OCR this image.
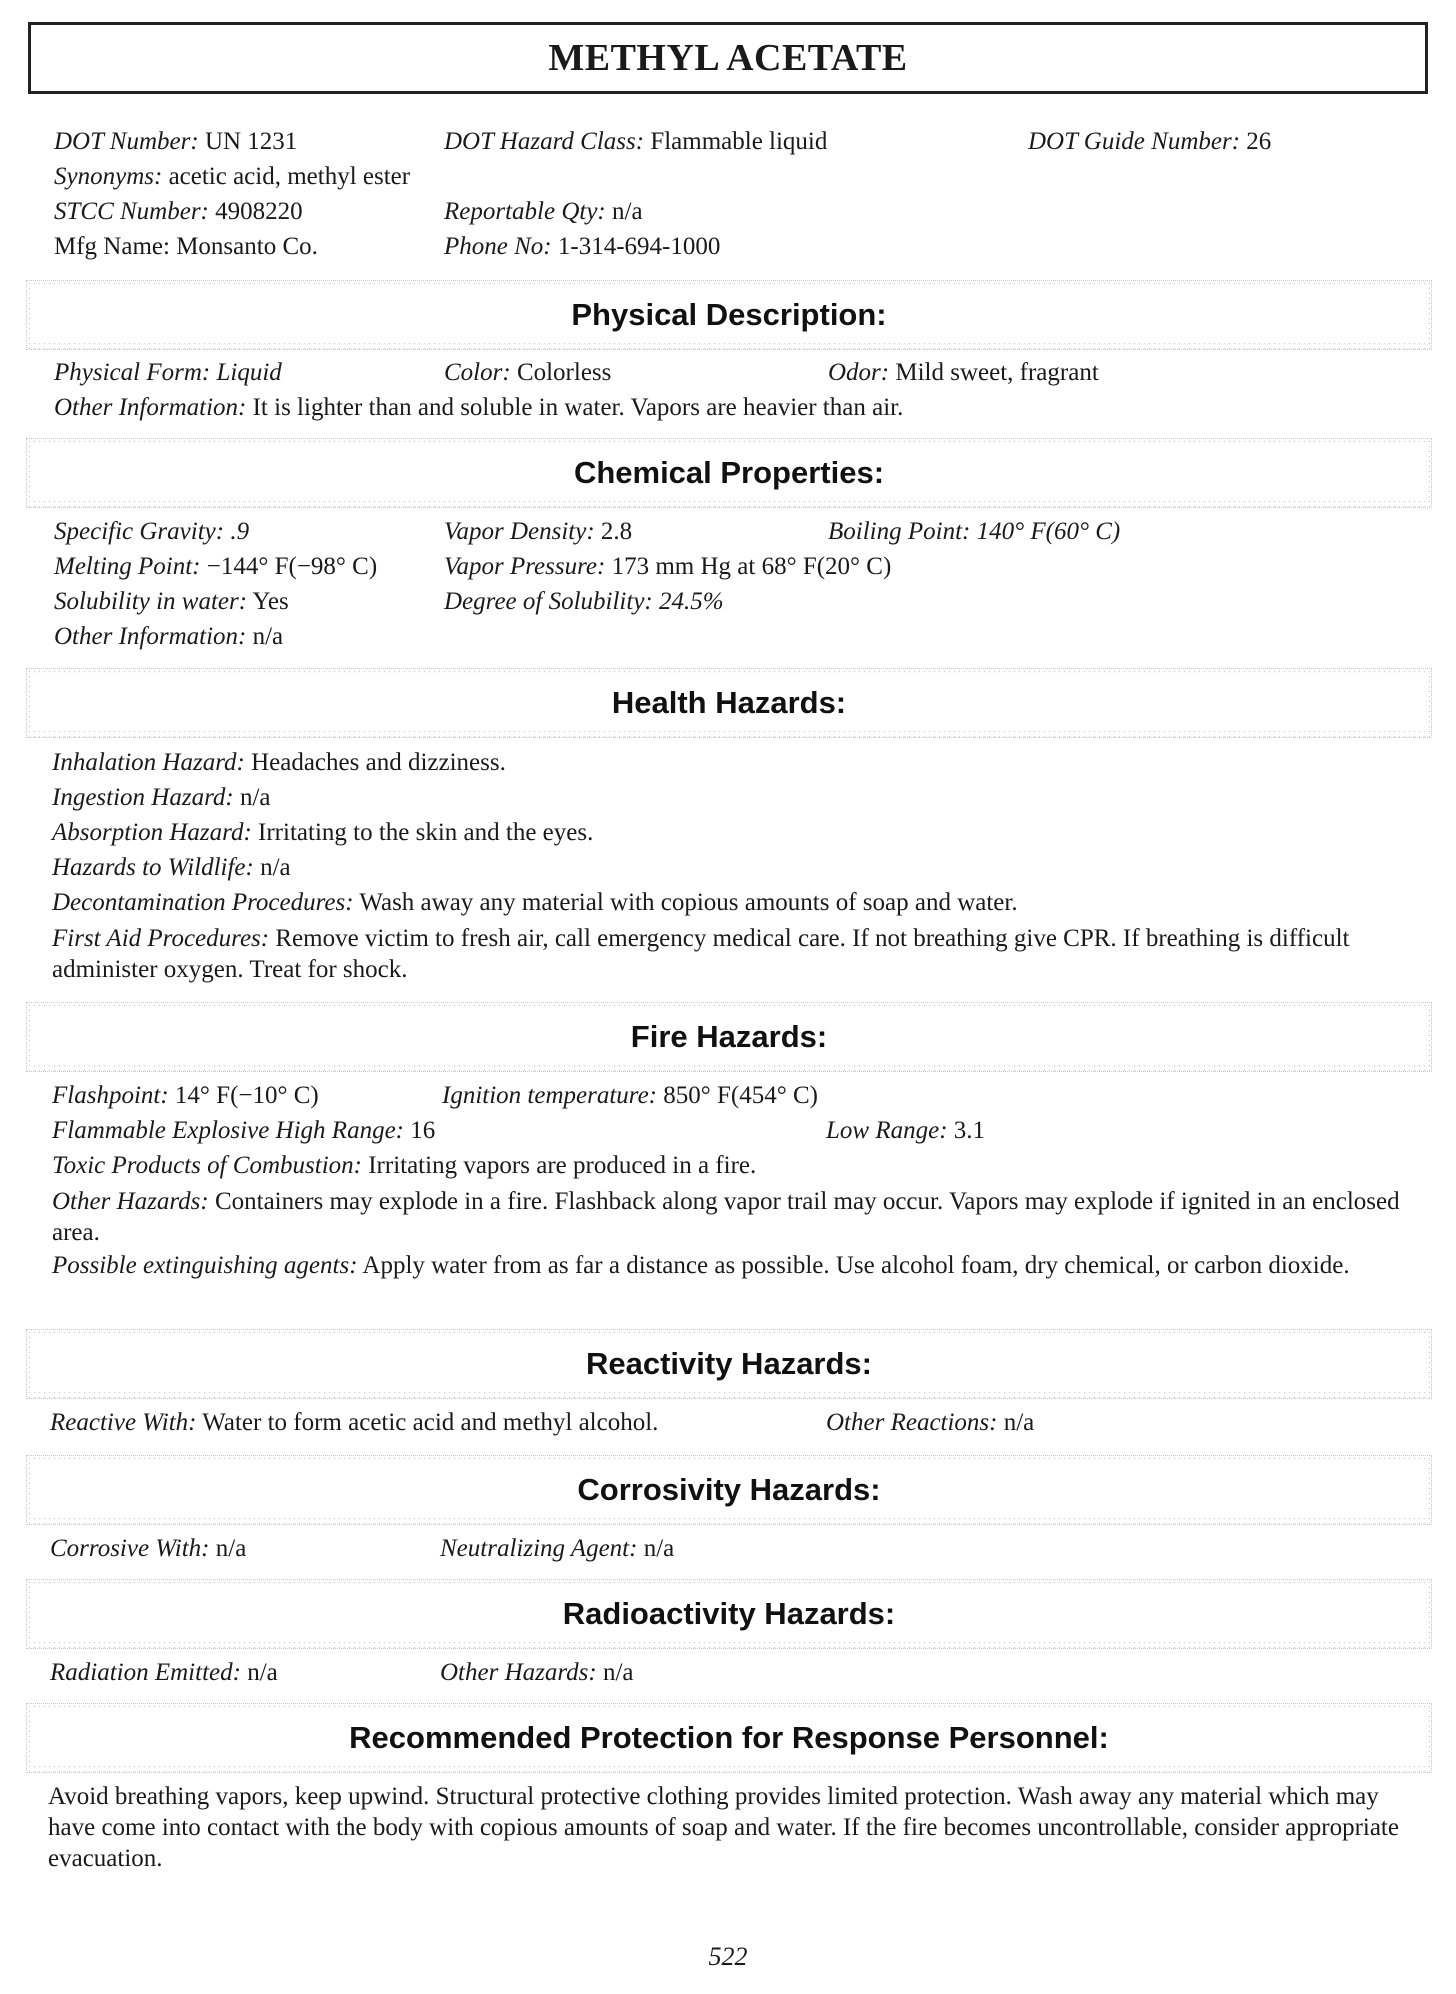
METHYL ACETATE
DOT Number: UN 1231	DOT Hazard Class: Flammable liquid	DOT Guide Number: 26
Synonyms: acetic acid, methyl ester
STCC Number: 4908220	Reportable Qty: n/a
Mfg Name: Monsanto Co.	Phone No: 1-314-694-1000
Physical Description:
Physical Form: Liquid	Color: Colorless	Odor: Mild sweet, fragrant
Other Information: It is lighter than and soluble in water. Vapors are heavier than air.
Chemical Properties:
Specific Gravity: .9	Vapor Density: 2.8	Boiling Point: 140° F(60° C)
Melting Point: −144° F(−98° C)	Vapor Pressure: 173 mm Hg at 68° F(20° C)
Solubility in water: Yes	Degree of Solubility: 24.5%
Other Information: n/a
Health Hazards:
Inhalation Hazard: Headaches and dizziness.
Ingestion Hazard: n/a
Absorption Hazard: Irritating to the skin and the eyes.
Hazards to Wildlife: n/a
Decontamination Procedures: Wash away any material with copious amounts of soap and water.
First Aid Procedures: Remove victim to fresh air, call emergency medical care. If not breathing give CPR. If breathing is difficult administer oxygen. Treat for shock.
Fire Hazards:
Flashpoint: 14° F(−10° C)	Ignition temperature: 850° F(454° C)
Flammable Explosive High Range: 16	Low Range: 3.1
Toxic Products of Combustion: Irritating vapors are produced in a fire.
Other Hazards: Containers may explode in a fire. Flashback along vapor trail may occur. Vapors may explode if ignited in an enclosed area.
Possible extinguishing agents: Apply water from as far a distance as possible. Use alcohol foam, dry chemical, or carbon dioxide.
Reactivity Hazards:
Reactive With: Water to form acetic acid and methyl alcohol.	Other Reactions: n/a
Corrosivity Hazards:
Corrosive With: n/a	Neutralizing Agent: n/a
Radioactivity Hazards:
Radiation Emitted: n/a	Other Hazards: n/a
Recommended Protection for Response Personnel:
Avoid breathing vapors, keep upwind. Structural protective clothing provides limited protection. Wash away any material which may have come into contact with the body with copious amounts of soap and water. If the fire becomes uncontrollable, consider appropriate evacuation.
522
